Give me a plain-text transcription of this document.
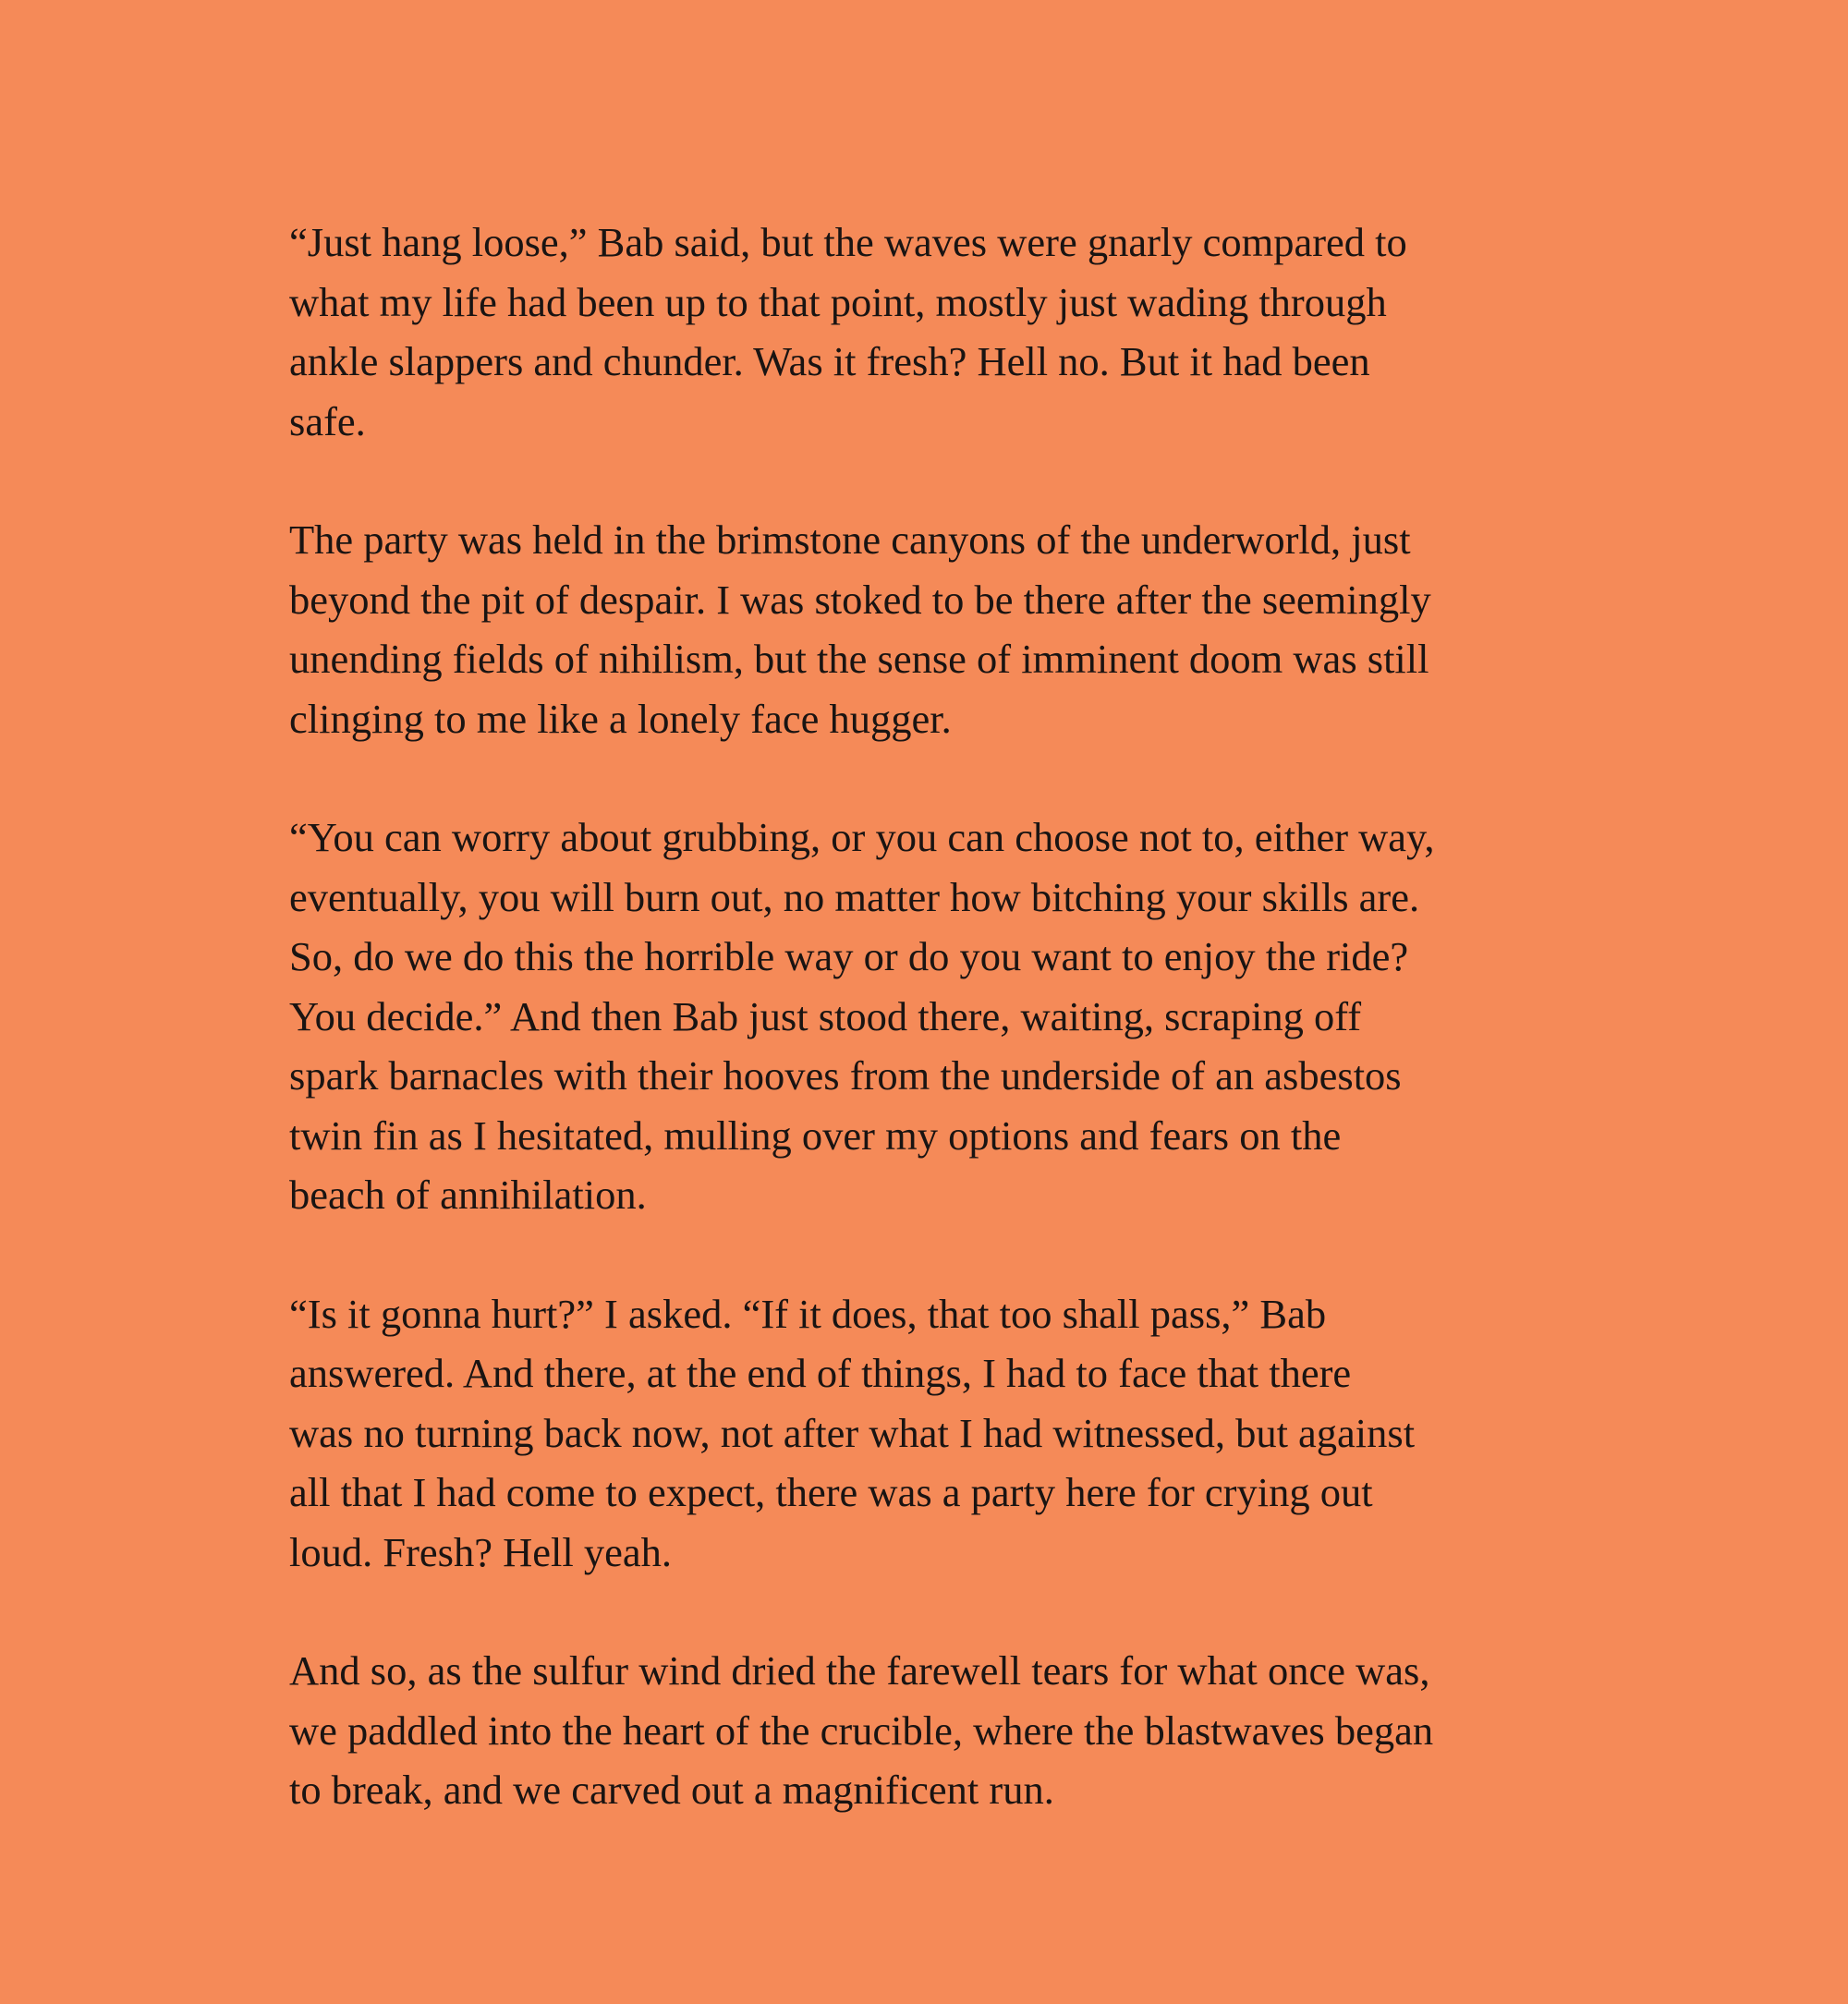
“Just hang loose,” Bab said, but the waves were gnarly compared to
what my life had been up to that point, mostly just wading through
ankle slappers and chunder. Was it fresh? Hell no. But it had been
safe.

The party was held in the brimstone canyons of the underworld, just
beyond the pit of despair. I was stoked to be there after the seemingly
unending fields of nihilism, but the sense of imminent doom was still
clinging to me like a lonely face hugger.

“You can worry about grubbing, or you can choose not to, either way,
eventually, you will burn out, no matter how bitching your skills are.
So, do we do this the horrible way or do you want to enjoy the ride?
You decide.” And then Bab just stood there, waiting, scraping off
spark barnacles with their hooves from the underside of an asbestos
twin fin as I hesitated, mulling over my options and fears on the
beach of annihilation.

“Is it gonna hurt?” I asked. “If it does, that too shall pass,” Bab
answered. And there, at the end of things, I had to face that there
was no turning back now, not after what I had witnessed, but against
all that I had come to expect, there was a party here for crying out
loud. Fresh? Hell yeah.

And so, as the sulfur wind dried the farewell tears for what once was,
we paddled into the heart of the crucible, where the blastwaves began
to break, and we carved out a magnificent run.
